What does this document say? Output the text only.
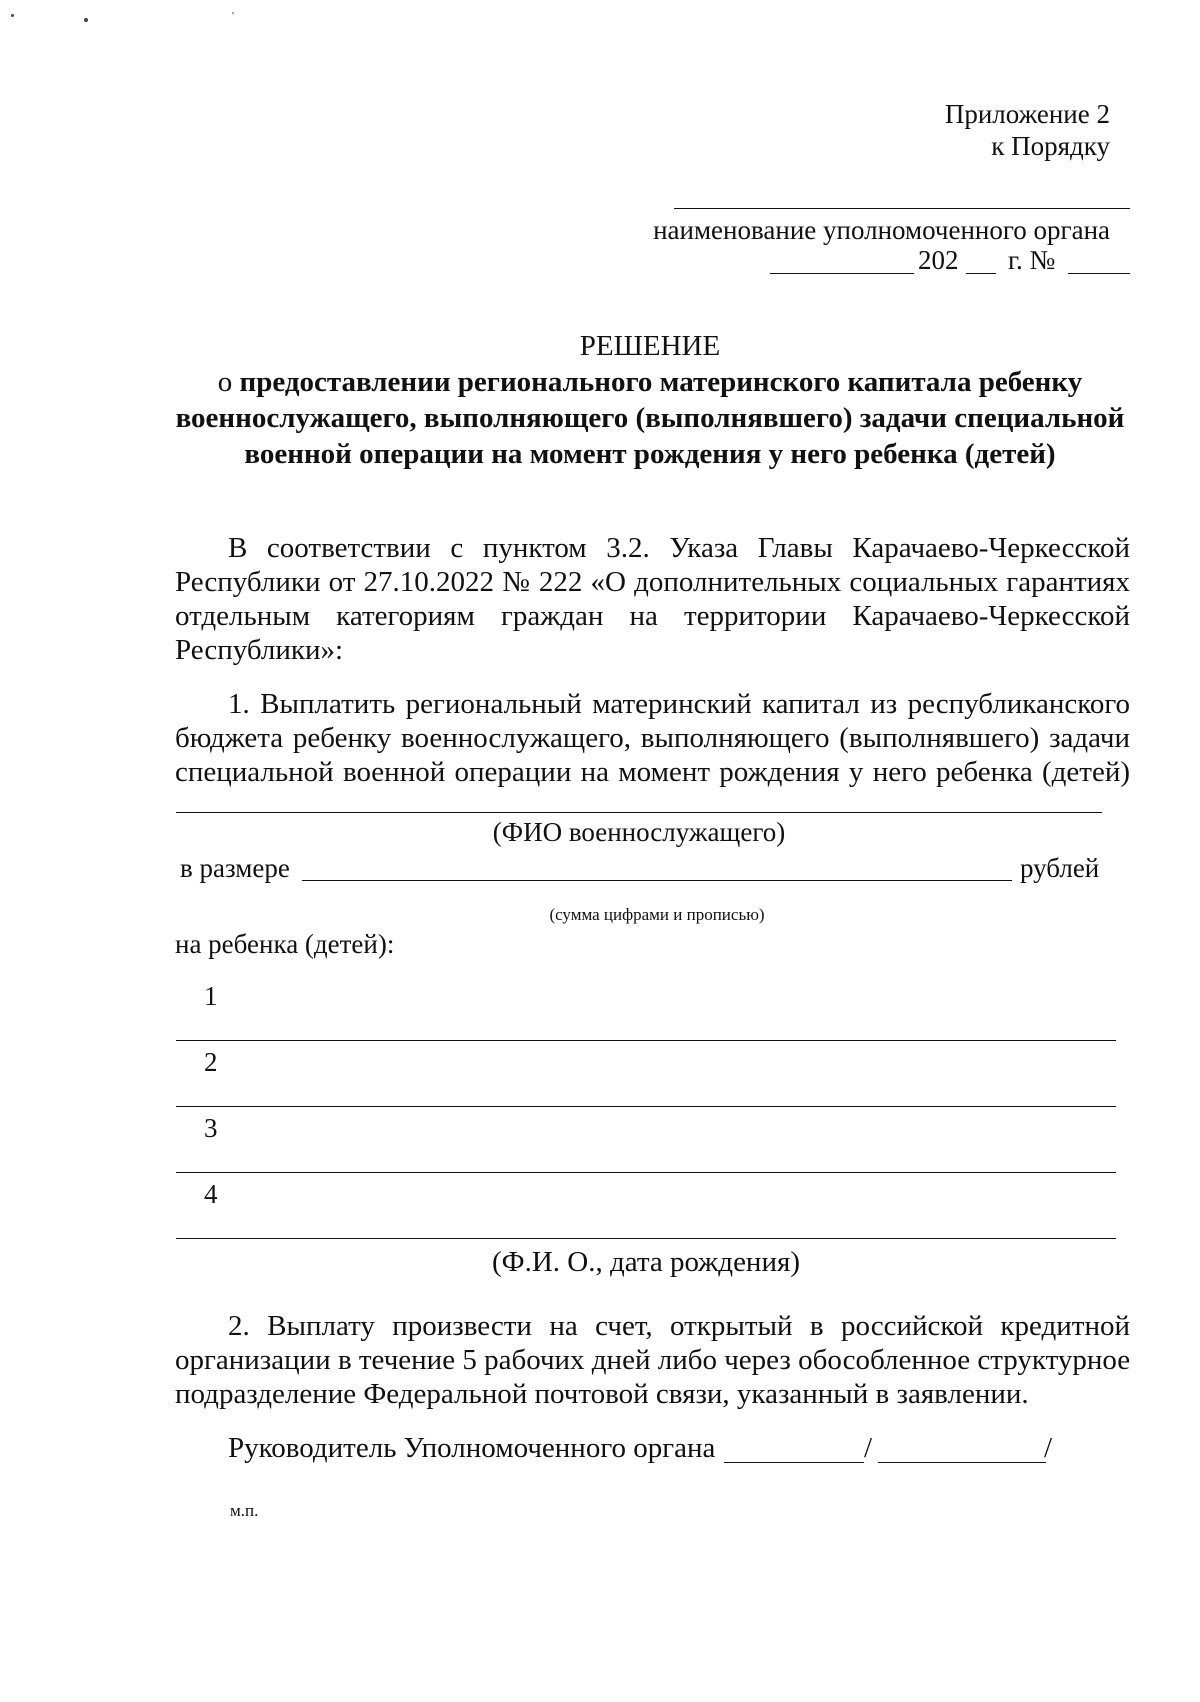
Приложение 2
к Порядку
наименование уполномоченного органа
202 г. №
РЕШЕНИЕ
о предоставлении регионального материнского капитала ребенку
военнослужащего, выполняющего (выполнявшего) задачи специальной
военной операции на момент рождения у него ребенка (детей)
В соответствии с пунктом 3.2. Указа Главы Карачаево-Черкесской
Республики от 27.10.2022 № 222 «О дополнительных социальных гарантиях
отдельным категориям граждан на территории Карачаево-Черкесской
Республики»:
1. Выплатить региональный материнский капитал из республиканского
бюджета ребенку военнослужащего, выполняющего (выполнявшего) задачи
специальной военной операции на момент рождения у него ребенка (детей)
(ФИО военнослужащего)
в размере	рублей
(сумма цифрами и прописью)
на ребенка (детей):
1
2
3
4
(Ф.И. О., дата рождения)
2. Выплату произвести на счет, открытый в российской кредитной
организации в течение 5 рабочих дней либо через обособленное структурное
подразделение Федеральной почтовой связи, указанный в заявлении.
Руководитель Уполномоченного органа	/	/
м.п.
